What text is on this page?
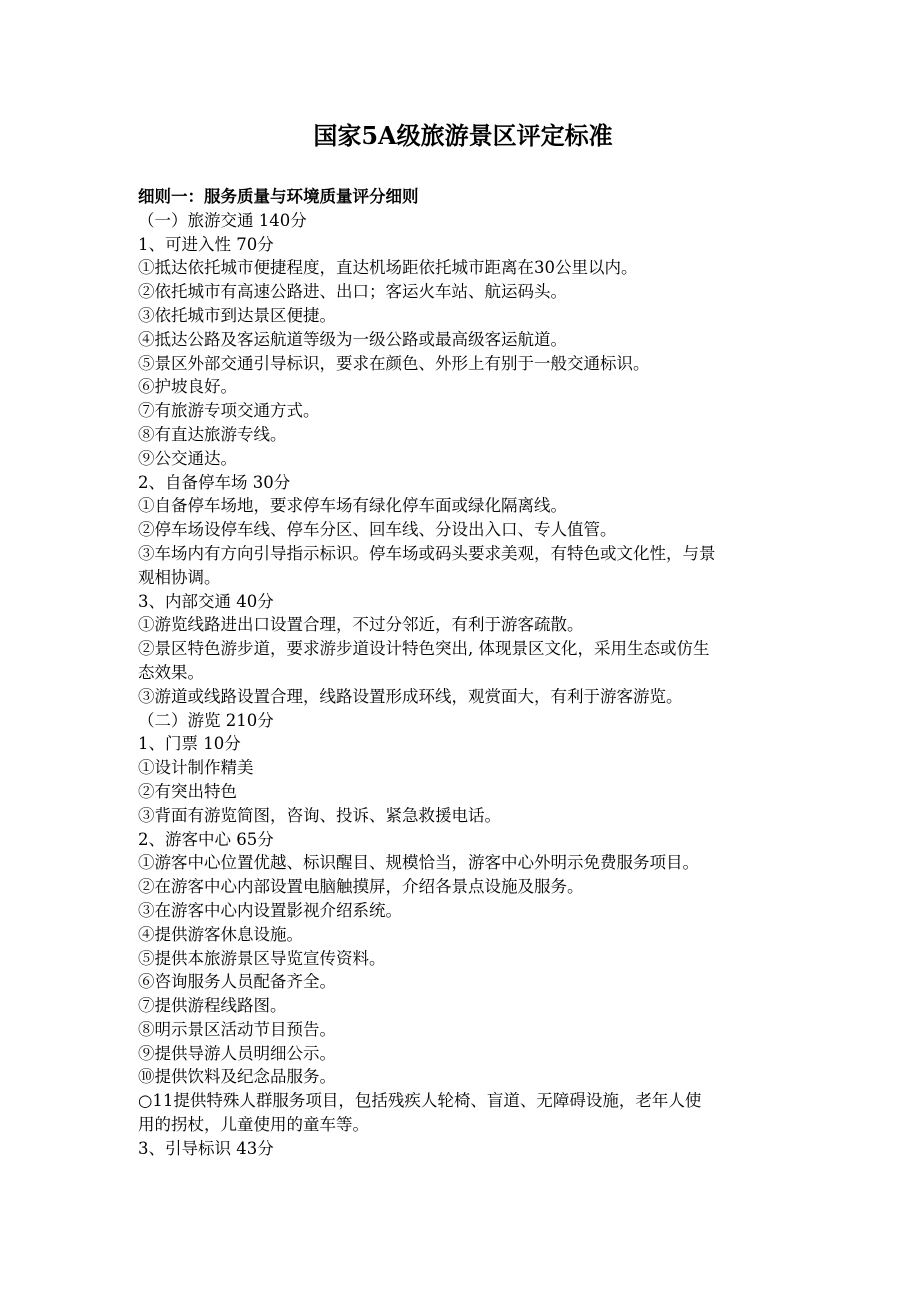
国家5A级旅游景区评定标准
细则一：服务质量与环境质量评分细则
（一）旅游交通 140分
1、可进入性 70分
①抵达依托城市便捷程度，直达机场距依托城市距离在30公里以内。
②依托城市有高速公路进、出口；客运火车站、航运码头。
③依托城市到达景区便捷。
④抵达公路及客运航道等级为一级公路或最高级客运航道。
⑤景区外部交通引导标识，要求在颜色、外形上有别于一般交通标识。
⑥护坡良好。
⑦有旅游专项交通方式。
⑧有直达旅游专线。
⑨公交通达。
2、自备停车场 30分
①自备停车场地，要求停车场有绿化停车面或绿化隔离线。
②停车场设停车线、停车分区、回车线、分设出入口、专人值管。
③车场内有方向引导指示标识。停车场或码头要求美观，有特色或文化性，与景
观相协调。
3、内部交通 40分
①游览线路进出口设置合理，不过分邻近，有利于游客疏散。
②景区特色游步道，要求游步道设计特色突出, 体现景区文化，采用生态或仿生
态效果。
③游道或线路设置合理，线路设置形成环线，观赏面大，有利于游客游览。
（二）游览 210分
1、门票 10分
①设计制作精美
②有突出特色
③背面有游览简图，咨询、投诉、紧急救援电话。
2、游客中心 65分
①游客中心位置优越、标识醒目、规模恰当，游客中心外明示免费服务项目。
②在游客中心内部设置电脑触摸屏，介绍各景点设施及服务。
③在游客中心内设置影视介绍系统。
④提供游客休息设施。
⑤提供本旅游景区导览宣传资料。
⑥咨询服务人员配备齐全。
⑦提供游程线路图。
⑧明示景区活动节目预告。
⑨提供导游人员明细公示。
⑩提供饮料及纪念品服务。
○11提供特殊人群服务项目，包括残疾人轮椅、盲道、无障碍设施，老年人使
用的拐杖，儿童使用的童车等。
3、引导标识 43分
